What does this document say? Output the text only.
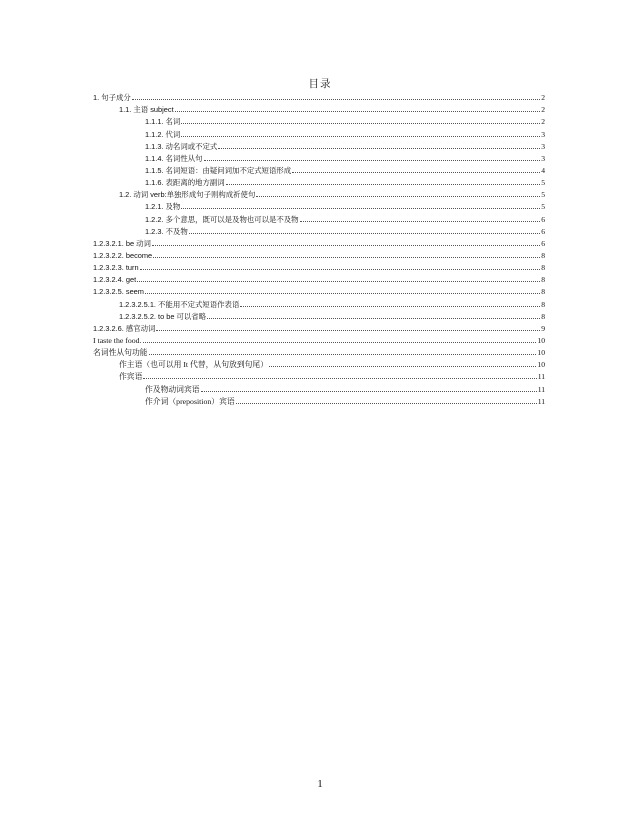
目录
1. 句子成分	2
1.1. 主语 subject	2
1.1.1. 名词	2
1.1.2. 代词	3
1.1.3. 动名词或不定式	3
1.1.4. 名词性从句	3
1.1.5. 名词短语：由疑问词加不定式短语形成	4
1.1.6. 表距离的地方副词	5
1.2. 动词 verb:单独形成句子则构成祈使句	5
1.2.1. 及物	5
1.2.2. 多个意思，既可以是及物也可以是不及物	6
1.2.3. 不及物	6
1.2.3.2.1. be 动词	6
1.2.3.2.2. become	8
1.2.3.2.3. turn	8
1.2.3.2.4. get	8
1.2.3.2.5. seem	8
1.2.3.2.5.1. 不能用不定式短语作表语	8
1.2.3.2.5.2. to be 可以省略	8
1.2.3.2.6. 感官动词	9
I taste the food.	10
名词性从句功能	10
作主语（也可以用 It 代替，从句放到句尾）	10
作宾语	11
作及物动词宾语	11
作介词（preposition）宾语	11
1
